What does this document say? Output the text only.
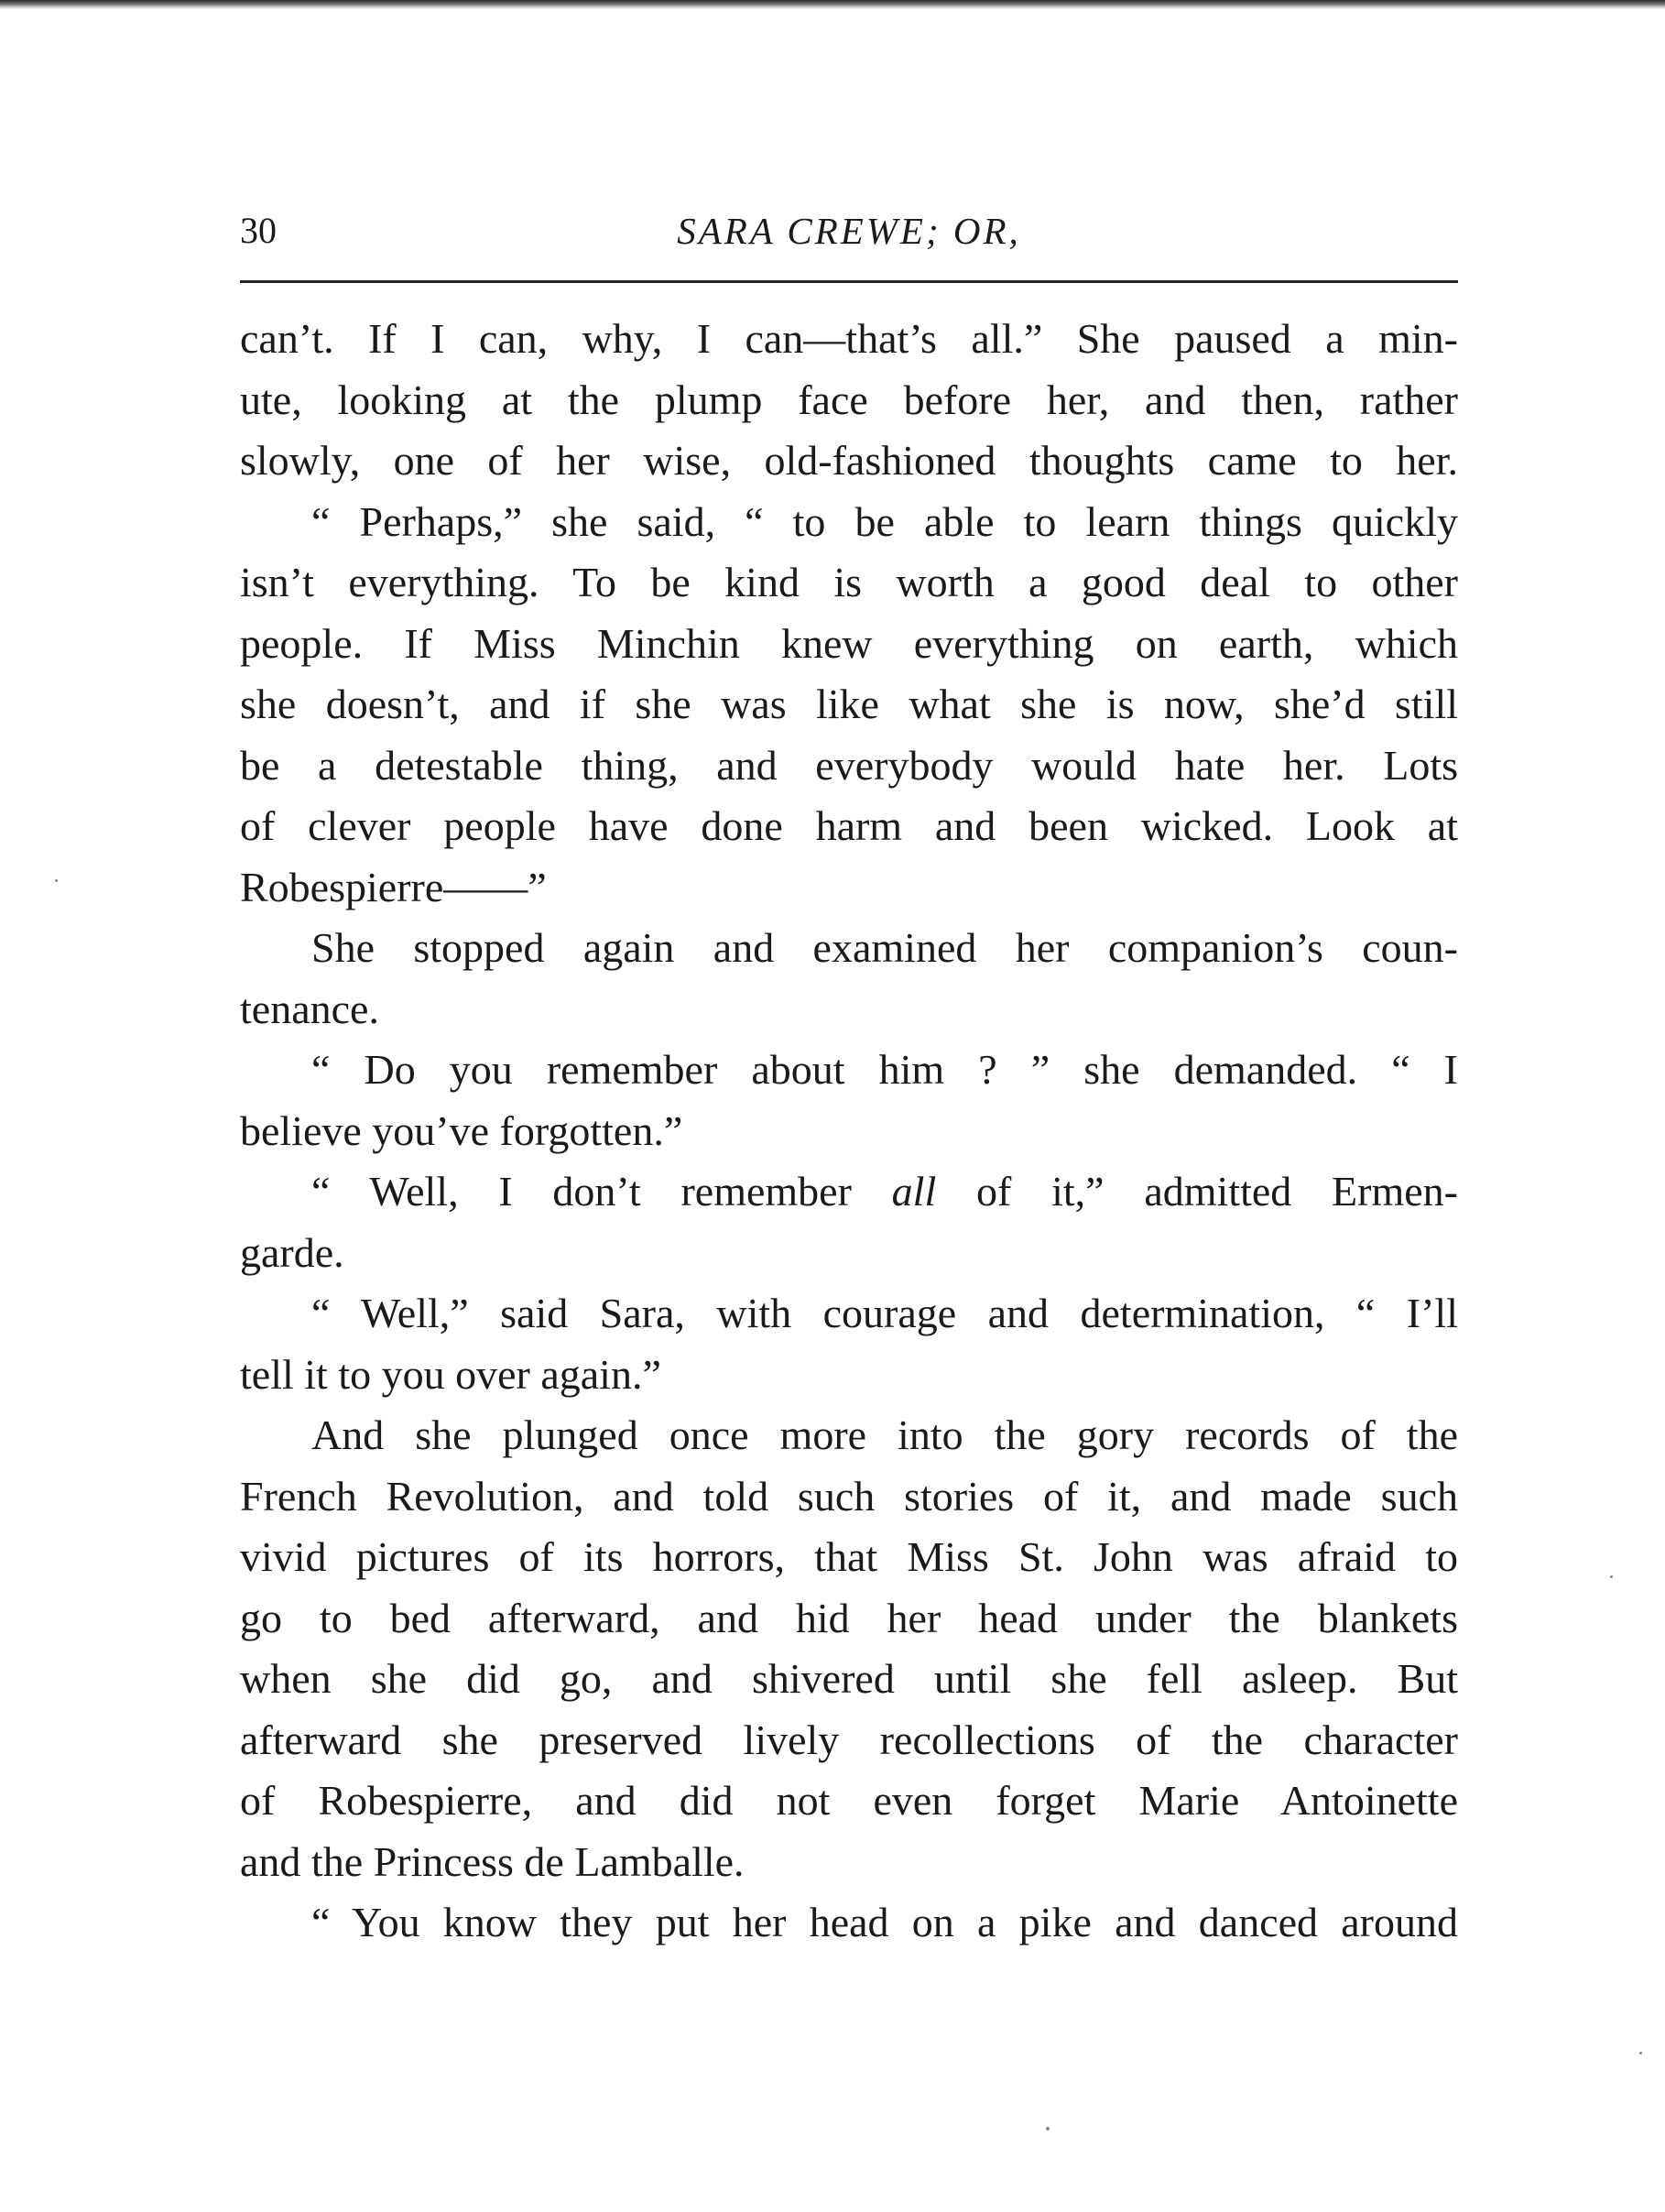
30	SARA CREWE; OR,
can’t. If I can, why, I can—that’s all.” She paused a min-
ute, looking at the plump face before her, and then, rather
slowly, one of her wise, old-fashioned thoughts came to her.
“ Perhaps,” she said, “ to be able to learn things quickly
isn’t everything. To be kind is worth a good deal to other
people. If Miss Minchin knew everything on earth, which
she doesn’t, and if she was like what she is now, she’d still
be a detestable thing, and everybody would hate her. Lots
of clever people have done harm and been wicked. Look at
Robespierre——”
She stopped again and examined her companion’s coun-
tenance.
“ Do you remember about him ? ” she demanded. “ I
believe you’ve forgotten.”
“ Well, I don’t remember all of it,” admitted Ermen-
garde.
“ Well,” said Sara, with courage and determination, “ I’ll
tell it to you over again.”
And she plunged once more into the gory records of the
French Revolution, and told such stories of it, and made such
vivid pictures of its horrors, that Miss St. John was afraid to
go to bed afterward, and hid her head under the blankets
when she did go, and shivered until she fell asleep. But
afterward she preserved lively recollections of the character
of Robespierre, and did not even forget Marie Antoinette
and the Princess de Lamballe.
“ You know they put her head on a pike and danced around
